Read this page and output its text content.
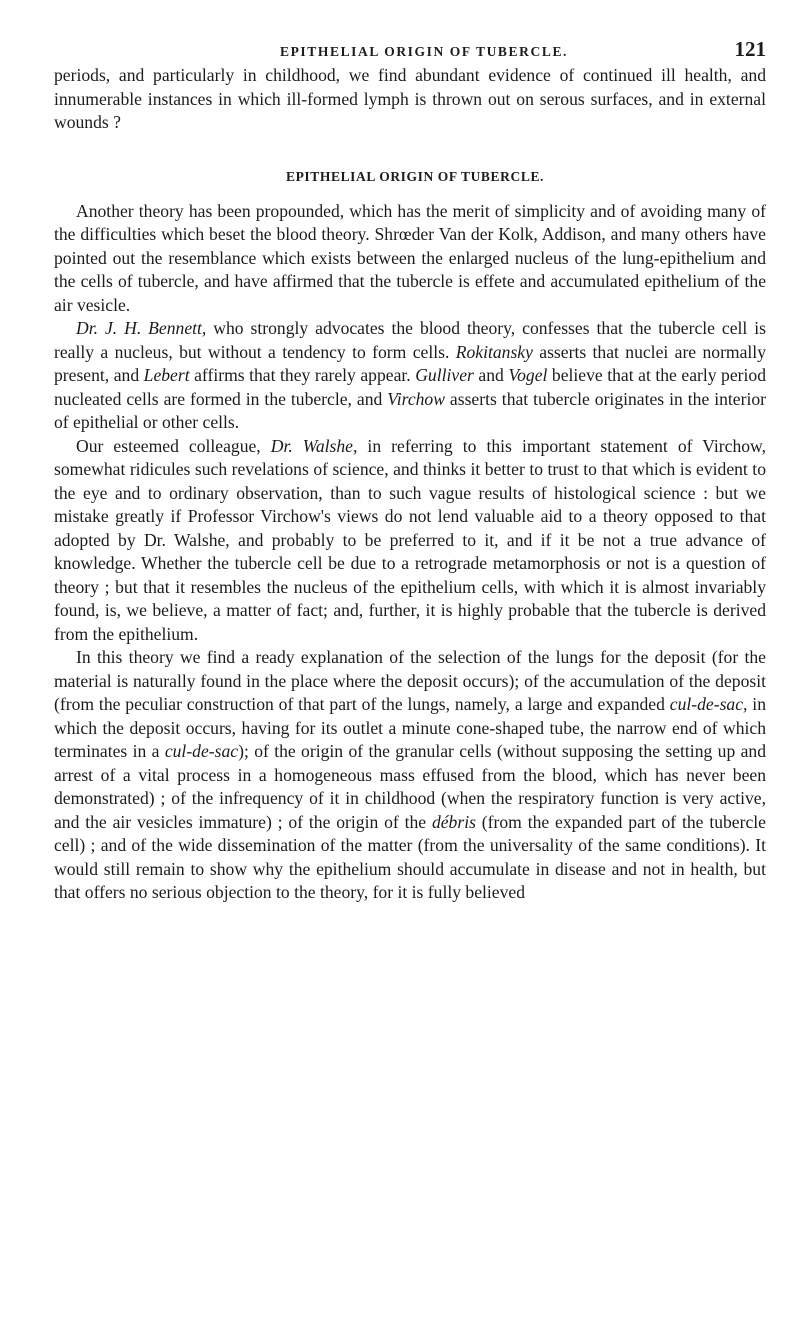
EPITHELIAL ORIGIN OF TUBERCLE.	121

periods, and particularly in childhood, we find abundant evidence of continued ill health, and innumerable instances in which ill-formed lymph is thrown out on serous surfaces, and in external wounds ?

EPITHELIAL ORIGIN OF TUBERCLE.

Another theory has been propounded, which has the merit of simplicity and of avoiding many of the difficulties which beset the blood theory. Shrœder Van der Kolk, Addison, and many others have pointed out the resemblance which exists between the enlarged nucleus of the lung-epithelium and the cells of tubercle, and have affirmed that the tubercle is effete and accumulated epithelium of the air vesicle.

Dr. J. H. Bennett, who strongly advocates the blood theory, confesses that the tubercle cell is really a nucleus, but without a tendency to form cells. Rokitansky asserts that nuclei are normally present, and Lebert affirms that they rarely appear. Gulliver and Vogel believe that at the early period nucleated cells are formed in the tubercle, and Virchow asserts that tubercle originates in the interior of epithelial or other cells.

Our esteemed colleague, Dr. Walshe, in referring to this important statement of Virchow, somewhat ridicules such revelations of science, and thinks it better to trust to that which is evident to the eye and to ordinary observation, than to such vague results of histological science : but we mistake greatly if Professor Virchow's views do not lend valuable aid to a theory opposed to that adopted by Dr. Walshe, and probably to be preferred to it, and if it be not a true advance of knowledge. Whether the tubercle cell be due to a retrograde metamorphosis or not is a question of theory ; but that it resembles the nucleus of the epithelium cells, with which it is almost invariably found, is, we believe, a matter of fact; and, further, it is highly probable that the tubercle is derived from the epithelium.

In this theory we find a ready explanation of the selection of the lungs for the deposit (for the material is naturally found in the place where the deposit occurs); of the accumulation of the deposit (from the peculiar construction of that part of the lungs, namely, a large and expanded cul-de-sac, in which the deposit occurs, having for its outlet a minute cone-shaped tube, the narrow end of which terminates in a cul-de-sac); of the origin of the granular cells (without supposing the setting up and arrest of a vital process in a homogeneous mass effused from the blood, which has never been demonstrated) ; of the infrequency of it in childhood (when the respiratory function is very active, and the air vesicles immature) ; of the origin of the débris (from the expanded part of the tubercle cell) ; and of the wide dissemination of the matter (from the universality of the same conditions). It would still remain to show why the epithelium should accumulate in disease and not in health, but that offers no serious objection to the theory, for it is fully believed
